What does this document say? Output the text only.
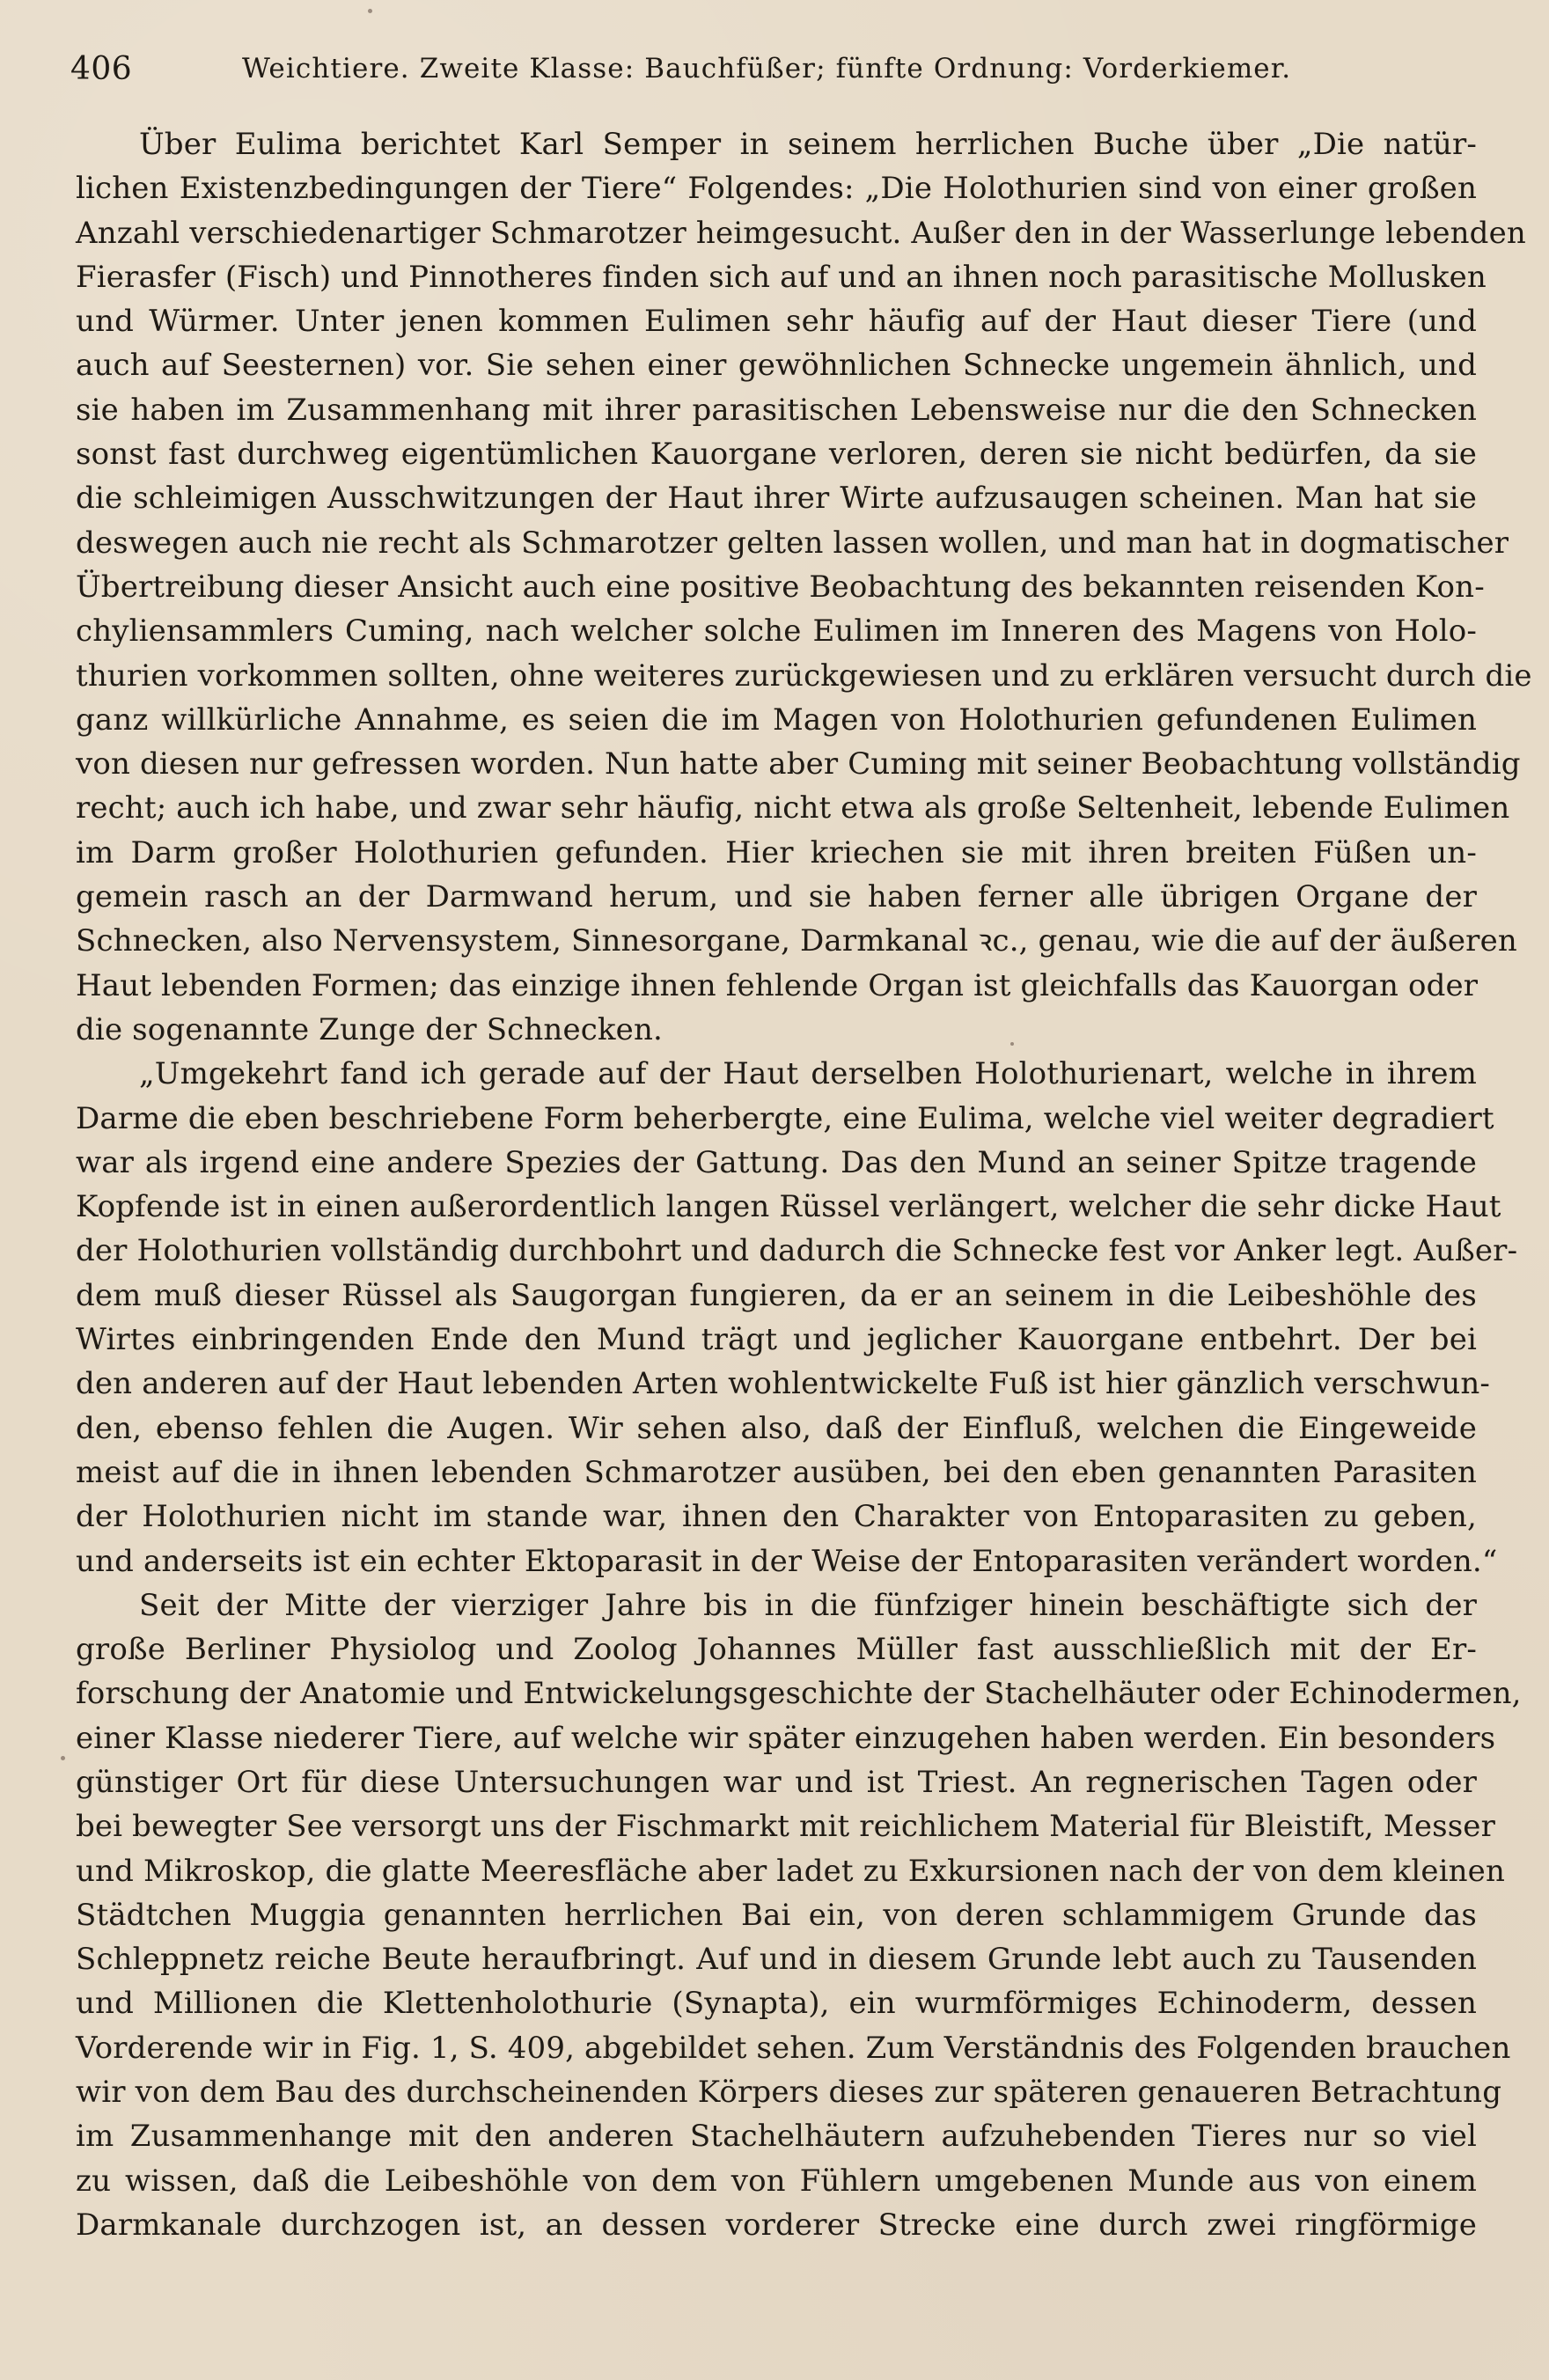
406	Weichtiere. Zweite Klasse: Bauchfüßer; fünfte Ordnung: Vorderkiemer.
Über Eulima berichtet Karl Semper in seinem herrlichen Buche über „Die natür-
lichen Existenzbedingungen der Tiere“ Folgendes: „Die Holothurien sind von einer großen
Anzahl verschiedenartiger Schmarotzer heimgesucht. Außer den in der Wasserlunge lebenden
Fierasfer (Fisch) und Pinnotheres finden sich auf und an ihnen noch parasitische Mollusken
und Würmer. Unter jenen kommen Eulimen sehr häufig auf der Haut dieser Tiere (und
auch auf Seesternen) vor. Sie sehen einer gewöhnlichen Schnecke ungemein ähnlich, und
sie haben im Zusammenhang mit ihrer parasitischen Lebensweise nur die den Schnecken
sonst fast durchweg eigentümlichen Kauorgane verloren, deren sie nicht bedürfen, da sie
die schleimigen Ausschwitzungen der Haut ihrer Wirte aufzusaugen scheinen. Man hat sie
deswegen auch nie recht als Schmarotzer gelten lassen wollen, und man hat in dogmatischer
Übertreibung dieser Ansicht auch eine positive Beobachtung des bekannten reisenden Kon-
chyliensammlers Cuming, nach welcher solche Eulimen im Inneren des Magens von Holo-
thurien vorkommen sollten, ohne weiteres zurückgewiesen und zu erklären versucht durch die
ganz willkürliche Annahme, es seien die im Magen von Holothurien gefundenen Eulimen
von diesen nur gefressen worden. Nun hatte aber Cuming mit seiner Beobachtung vollständig
recht; auch ich habe, und zwar sehr häufig, nicht etwa als große Seltenheit, lebende Eulimen
im Darm großer Holothurien gefunden. Hier kriechen sie mit ihren breiten Füßen un-
gemein rasch an der Darmwand herum, und sie haben ferner alle übrigen Organe der
Schnecken, also Nervensystem, Sinnesorgane, Darmkanal ꝛc., genau, wie die auf der äußeren
Haut lebenden Formen; das einzige ihnen fehlende Organ ist gleichfalls das Kauorgan oder
die sogenannte Zunge der Schnecken.
„Umgekehrt fand ich gerade auf der Haut derselben Holothurienart, welche in ihrem
Darme die eben beschriebene Form beherbergte, eine Eulima, welche viel weiter degradiert
war als irgend eine andere Spezies der Gattung. Das den Mund an seiner Spitze tragende
Kopfende ist in einen außerordentlich langen Rüssel verlängert, welcher die sehr dicke Haut
der Holothurien vollständig durchbohrt und dadurch die Schnecke fest vor Anker legt. Außer-
dem muß dieser Rüssel als Saugorgan fungieren, da er an seinem in die Leibeshöhle des
Wirtes einbringenden Ende den Mund trägt und jeglicher Kauorgane entbehrt. Der bei
den anderen auf der Haut lebenden Arten wohlentwickelte Fuß ist hier gänzlich verschwun-
den, ebenso fehlen die Augen. Wir sehen also, daß der Einfluß, welchen die Eingeweide
meist auf die in ihnen lebenden Schmarotzer ausüben, bei den eben genannten Parasiten
der Holothurien nicht im stande war, ihnen den Charakter von Entoparasiten zu geben,
und anderseits ist ein echter Ektoparasit in der Weise der Entoparasiten verändert worden.“
Seit der Mitte der vierziger Jahre bis in die fünfziger hinein beschäftigte sich der
große Berliner Physiolog und Zoolog Johannes Müller fast ausschließlich mit der Er-
forschung der Anatomie und Entwickelungsgeschichte der Stachelhäuter oder Echinodermen,
einer Klasse niederer Tiere, auf welche wir später einzugehen haben werden. Ein besonders
günstiger Ort für diese Untersuchungen war und ist Triest. An regnerischen Tagen oder
bei bewegter See versorgt uns der Fischmarkt mit reichlichem Material für Bleistift, Messer
und Mikroskop, die glatte Meeresfläche aber ladet zu Exkursionen nach der von dem kleinen
Städtchen Muggia genannten herrlichen Bai ein, von deren schlammigem Grunde das
Schleppnetz reiche Beute heraufbringt. Auf und in diesem Grunde lebt auch zu Tausenden
und Millionen die Klettenholothurie (Synapta), ein wurmförmiges Echinoderm, dessen
Vorderende wir in Fig. 1, S. 409, abgebildet sehen. Zum Verständnis des Folgenden brauchen
wir von dem Bau des durchscheinenden Körpers dieses zur späteren genaueren Betrachtung
im Zusammenhange mit den anderen Stachelhäutern aufzuhebenden Tieres nur so viel
zu wissen, daß die Leibeshöhle von dem von Fühlern umgebenen Munde aus von einem
Darmkanale durchzogen ist, an dessen vorderer Strecke eine durch zwei ringförmige
